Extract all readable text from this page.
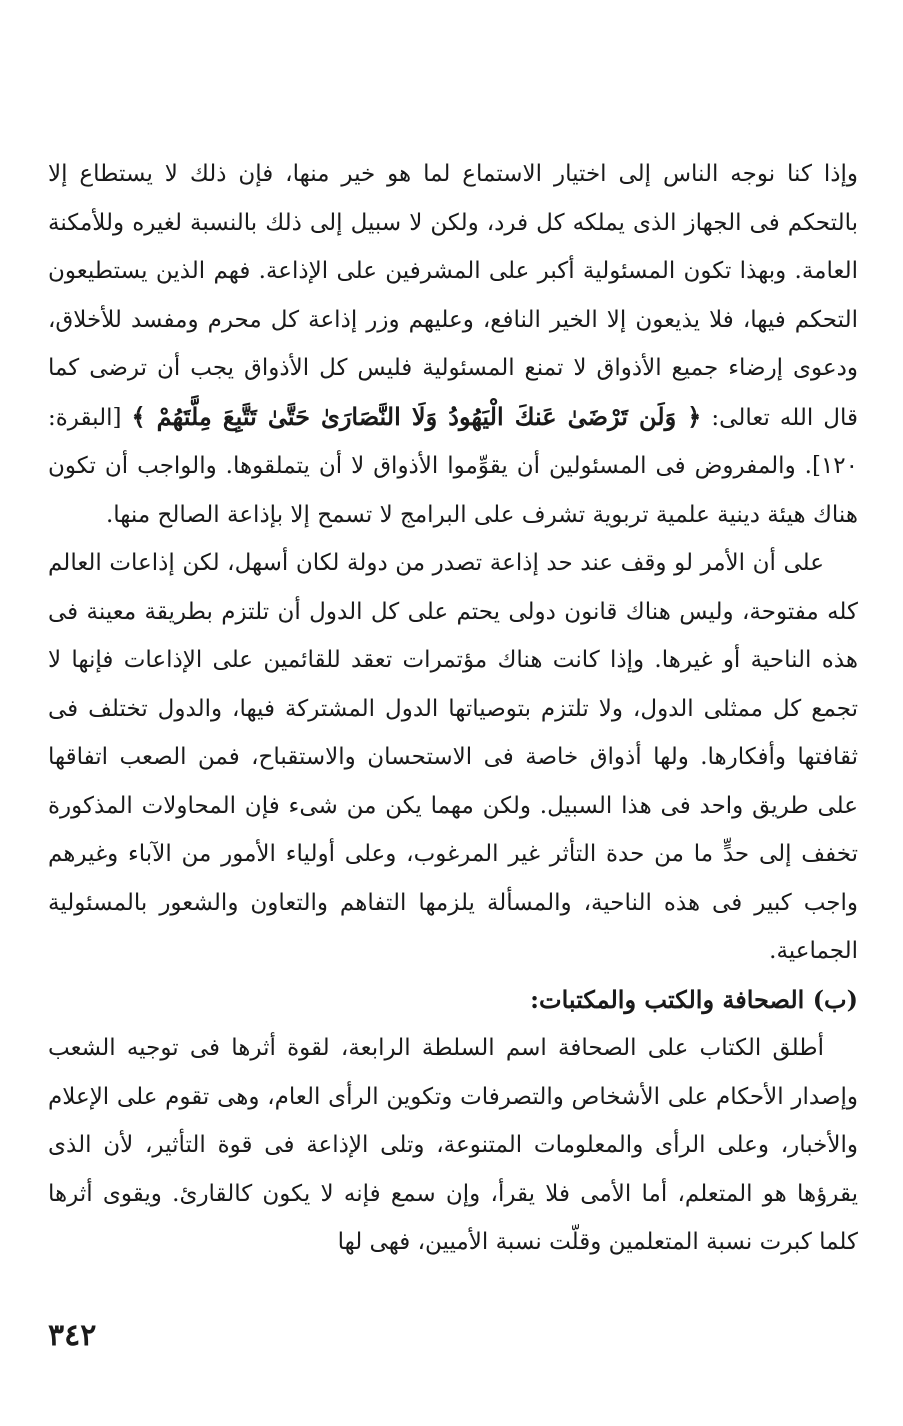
وإذا كنا نوجه الناس إلى اختيار الاستماع لما هو خير منها، فإن ذلك لا يستطاع إلا بالتحكم فى الجهاز الذى يملكه كل فرد، ولكن لا سبيل إلى ذلك بالنسبة لغيره وللأمكنة العامة. وبهذا تكون المسئولية أكبر على المشرفين على الإذاعة. فهم الذين يستطيعون التحكم فيها، فلا يذيعون إلا الخير النافع، وعليهم وزر إذاعة كل محرم ومفسد للأخلاق، ودعوى إرضاء جميع الأذواق لا تمنع المسئولية فليس كل الأذواق يجب أن ترضى كما قال الله تعالى: ﴿ وَلَن تَرْضَىٰ عَنكَ الْيَهُودُ وَلَا النَّصَارَىٰ حَتَّىٰ تَتَّبِعَ مِلَّتَهُمْ ﴾ [البقرة: ١٢٠]. والمفروض فى المسئولين أن يقوِّموا الأذواق لا أن يتملقوها. والواجب أن تكون هناك هيئة دينية علمية تربوية تشرف على البرامج لا تسمح إلا بإذاعة الصالح منها.

على أن الأمر لو وقف عند حد إذاعة تصدر من دولة لكان أسهل، لكن إذاعات العالم كله مفتوحة، وليس هناك قانون دولى يحتم على كل الدول أن تلتزم بطريقة معينة فى هذه الناحية أو غيرها. وإذا كانت هناك مؤتمرات تعقد للقائمين على الإذاعات فإنها لا تجمع كل ممثلى الدول، ولا تلتزم بتوصياتها الدول المشتركة فيها، والدول تختلف فى ثقافتها وأفكارها. ولها أذواق خاصة فى الاستحسان والاستقباح، فمن الصعب اتفاقها على طريق واحد فى هذا السبيل. ولكن مهما يكن من شىء فإن المحاولات المذكورة تخفف إلى حدٍّ ما من حدة التأثر غير المرغوب، وعلى أولياء الأمور من الآباء وغيرهم واجب كبير فى هذه الناحية، والمسألة يلزمها التفاهم والتعاون والشعور بالمسئولية الجماعية.

(ب) الصحافة والكتب والمكتبات:

أطلق الكتاب على الصحافة اسم السلطة الرابعة، لقوة أثرها فى توجيه الشعب وإصدار الأحكام على الأشخاص والتصرفات وتكوين الرأى العام، وهى تقوم على الإعلام والأخبار، وعلى الرأى والمعلومات المتنوعة، وتلى الإذاعة فى قوة التأثير، لأن الذى يقرؤها هو المتعلم، أما الأمى فلا يقرأ، وإن سمع فإنه لا يكون كالقارئ. ويقوى أثرها كلما كبرت نسبة المتعلمين وقلّت نسبة الأميين، فهى لها

٣٤٢
